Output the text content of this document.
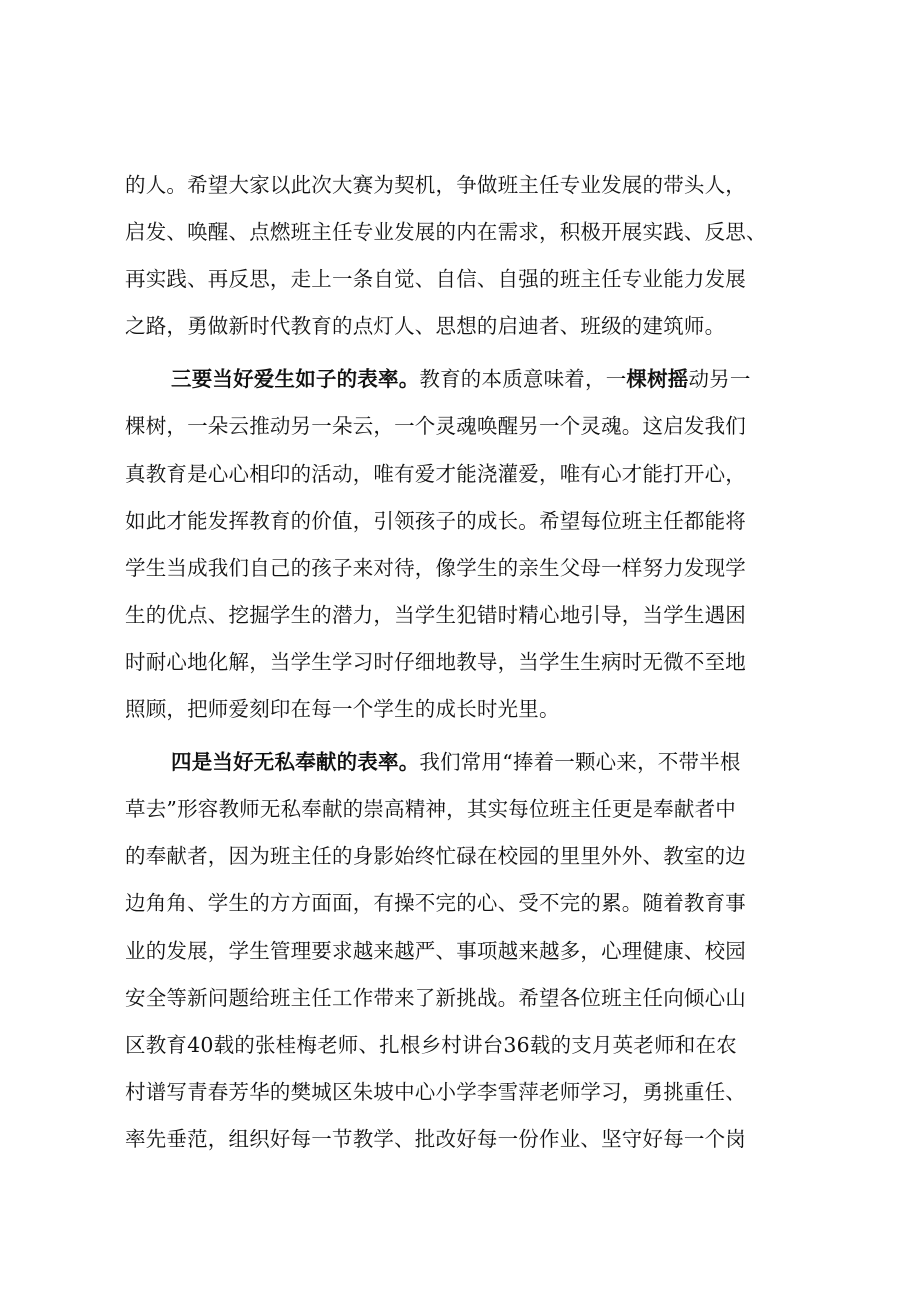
的人。希望大家以此次大赛为契机，争做班主任专业发展的带头人，
启发、唤醒、点燃班主任专业发展的内在需求，积极开展实践、反思、
再实践、再反思，走上一条自觉、自信、自强的班主任专业能力发展
之路，勇做新时代教育的点灯人、思想的启迪者、班级的建筑师。
三要当好爱生如子的表率。教育的本质意味着，一棵树摇动另一
棵树，一朵云推动另一朵云，一个灵魂唤醒另一个灵魂。这启发我们
真教育是心心相印的活动，唯有爱才能浇灌爱，唯有心才能打开心，
如此才能发挥教育的价值，引领孩子的成长。希望每位班主任都能将
学生当成我们自己的孩子来对待，像学生的亲生父母一样努力发现学
生的优点、挖掘学生的潜力，当学生犯错时精心地引导，当学生遇困
时耐心地化解，当学生学习时仔细地教导，当学生生病时无微不至地
照顾，把师爱刻印在每一个学生的成长时光里。
四是当好无私奉献的表率。我们常用“捧着一颗心来，不带半根
草去”形容教师无私奉献的崇高精神，其实每位班主任更是奉献者中
的奉献者，因为班主任的身影始终忙碌在校园的里里外外、教室的边
边角角、学生的方方面面，有操不完的心、受不完的累。随着教育事
业的发展，学生管理要求越来越严、事项越来越多，心理健康、校园
安全等新问题给班主任工作带来了新挑战。希望各位班主任向倾心山
区教育40载的张桂梅老师、扎根乡村讲台36载的支月英老师和在农
村谱写青春芳华的樊城区朱坡中心小学李雪萍老师学习，勇挑重任、
率先垂范，组织好每一节教学、批改好每一份作业、坚守好每一个岗
